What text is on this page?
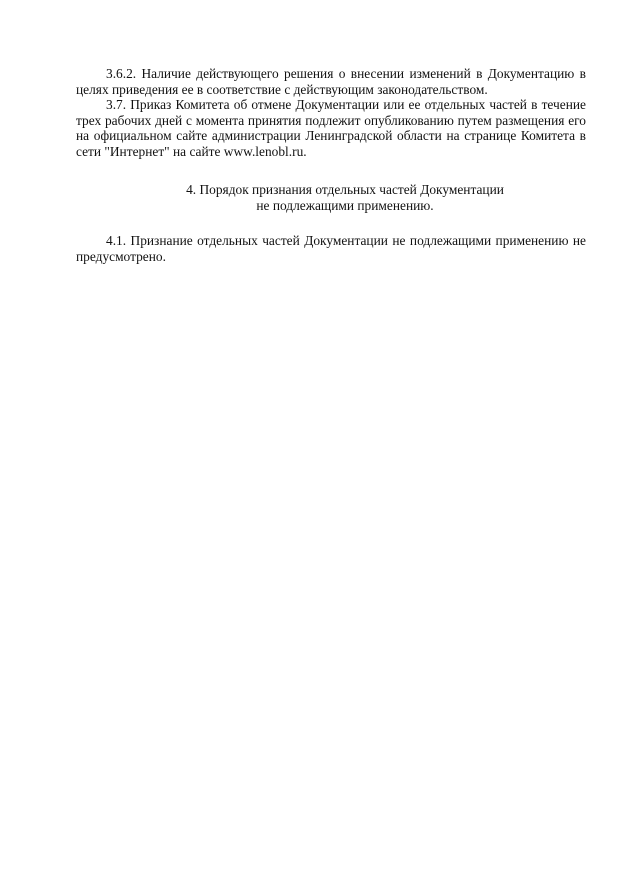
3.6.2. Наличие действующего решения о внесении изменений в Документацию в целях приведения ее в соответствие с действующим законодательством.

3.7. Приказ Комитета об отмене Документации или ее отдельных частей в течение трех рабочих дней с момента принятия подлежит опубликованию путем размещения его на официальном сайте администрации Ленинградской области на странице Комитета в сети "Интернет" на сайте www.lenobl.ru.

4. Порядок признания отдельных частей Документации

не подлежащими применению.

4.1. Признание отдельных частей Документации не подлежащими применению не предусмотрено.
